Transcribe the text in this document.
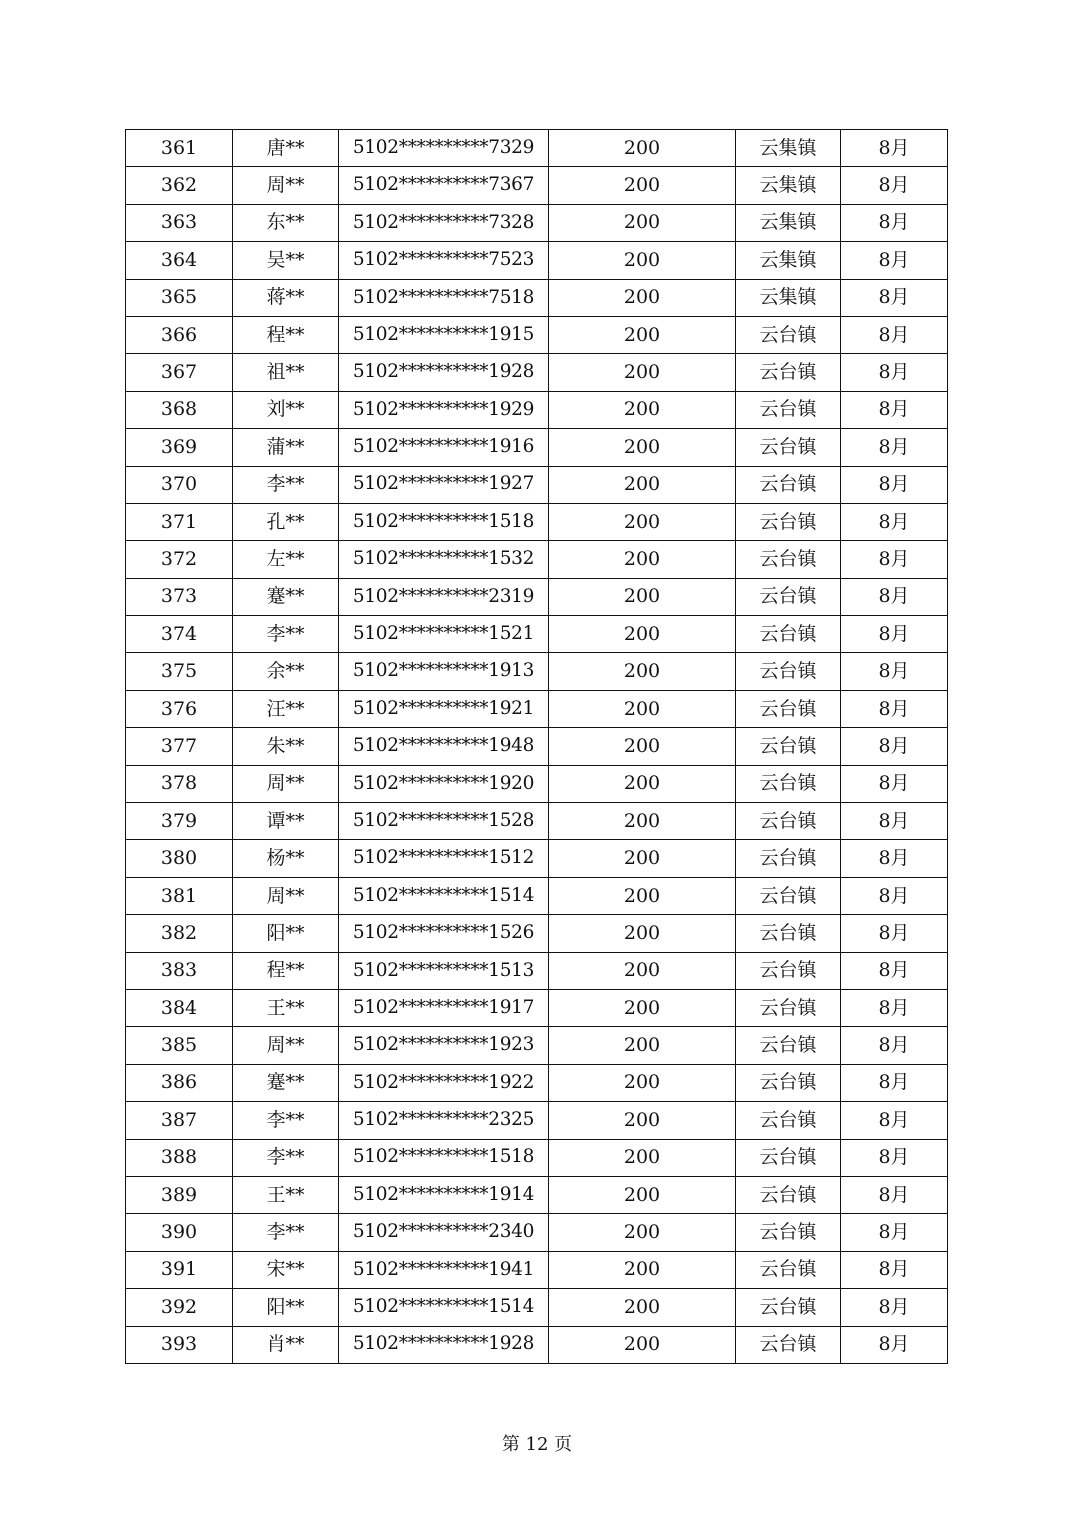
361	唐**	5102**********7329	200	云集镇	8月
362	周**	5102**********7367	200	云集镇	8月
363	东**	5102**********7328	200	云集镇	8月
364	吴**	5102**********7523	200	云集镇	8月
365	蒋**	5102**********7518	200	云集镇	8月
366	程**	5102**********1915	200	云台镇	8月
367	祖**	5102**********1928	200	云台镇	8月
368	刘**	5102**********1929	200	云台镇	8月
369	蒲**	5102**********1916	200	云台镇	8月
370	李**	5102**********1927	200	云台镇	8月
371	孔**	5102**********1518	200	云台镇	8月
372	左**	5102**********1532	200	云台镇	8月
373	蹇**	5102**********2319	200	云台镇	8月
374	李**	5102**********1521	200	云台镇	8月
375	余**	5102**********1913	200	云台镇	8月
376	汪**	5102**********1921	200	云台镇	8月
377	朱**	5102**********1948	200	云台镇	8月
378	周**	5102**********1920	200	云台镇	8月
379	谭**	5102**********1528	200	云台镇	8月
380	杨**	5102**********1512	200	云台镇	8月
381	周**	5102**********1514	200	云台镇	8月
382	阳**	5102**********1526	200	云台镇	8月
383	程**	5102**********1513	200	云台镇	8月
384	王**	5102**********1917	200	云台镇	8月
385	周**	5102**********1923	200	云台镇	8月
386	蹇**	5102**********1922	200	云台镇	8月
387	李**	5102**********2325	200	云台镇	8月
388	李**	5102**********1518	200	云台镇	8月
389	王**	5102**********1914	200	云台镇	8月
390	李**	5102**********2340	200	云台镇	8月
391	宋**	5102**********1941	200	云台镇	8月
392	阳**	5102**********1514	200	云台镇	8月
393	肖**	5102**********1928	200	云台镇	8月
第 12 页
